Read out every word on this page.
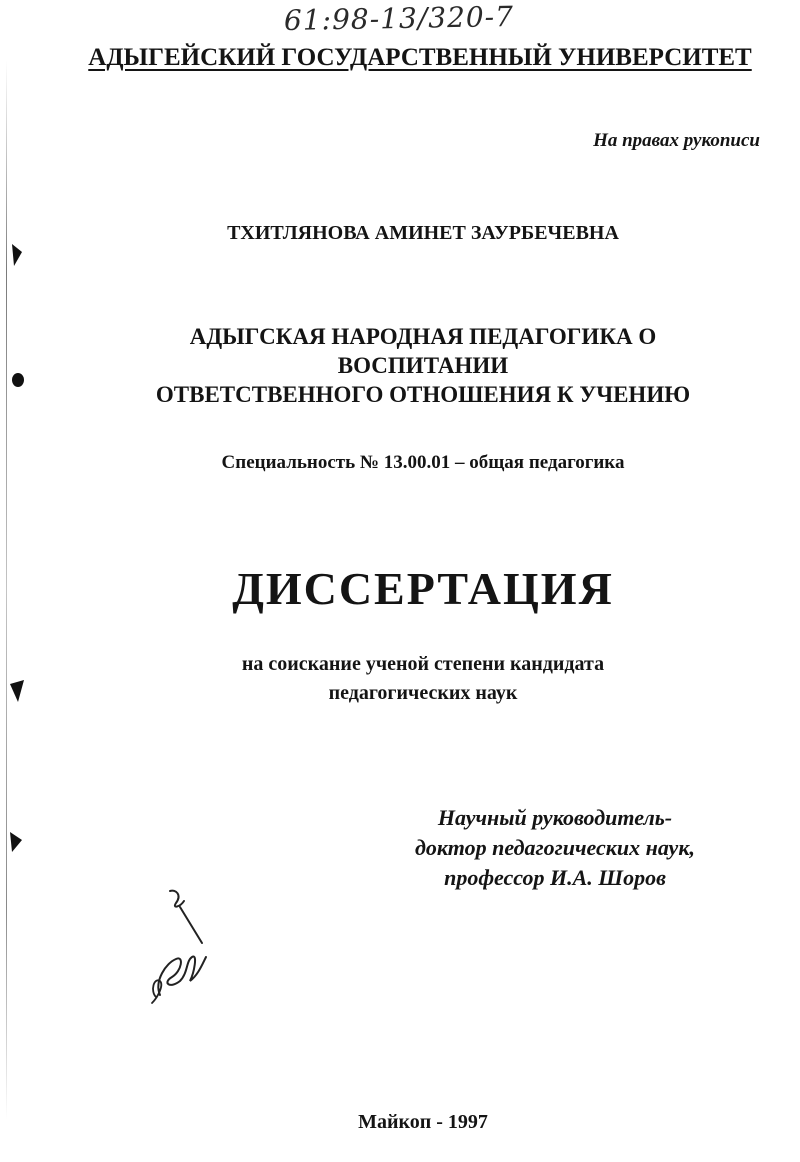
61:98-13/320-7
АДЫГЕЙСКИЙ ГОСУДАРСТВЕННЫЙ УНИВЕРСИТЕТ
На правах рукописи
ТХИТЛЯНОВА АМИНЕТ ЗАУРБЕЧЕВНА
АДЫГСКАЯ НАРОДНАЯ ПЕДАГОГИКА О
ВОСПИТАНИИ
ОТВЕТСТВЕННОГО ОТНОШЕНИЯ К УЧЕНИЮ
Специальность № 13.00.01 – общая педагогика
ДИССЕРТАЦИЯ
на соискание ученой степени кандидата
педагогических наук
Научный руководитель-
доктор педагогических наук,
профессор И.А. Шоров
Майкоп - 1997
